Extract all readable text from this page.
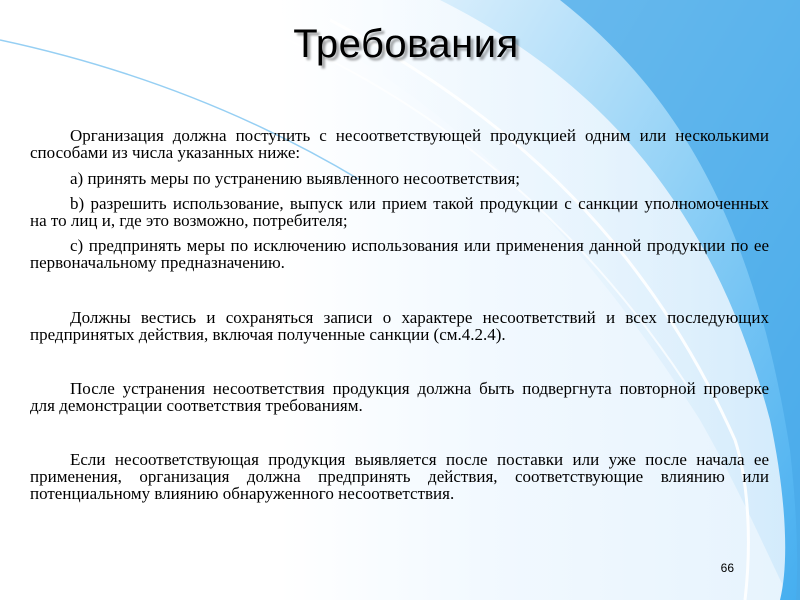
Требования

Организация должна поступить с несоответствующей продукцией одним или несколькими способами из числа указанных ниже:

a) принять меры по устранению выявленного несоответствия;

b) разрешить использование, выпуск или прием такой продукции с санкции уполномоченных на то лиц и, где это возможно, потребителя;

c) предпринять меры по исключению использования или применения данной продукции по ее первоначальному предназначению.

Должны вестись и сохраняться записи о характере несоответствий и всех последующих предпринятых действия, включая полученные санкции (см.4.2.4).

После устранения несоответствия продукция должна быть подвергнута повторной проверке для демонстрации соответствия требованиям.

Если несоответствующая продукция выявляется после поставки или уже после начала ее применения, организация должна предпринять действия, соответствующие влиянию или потенциальному влиянию обнаруженного несоответствия.

66
